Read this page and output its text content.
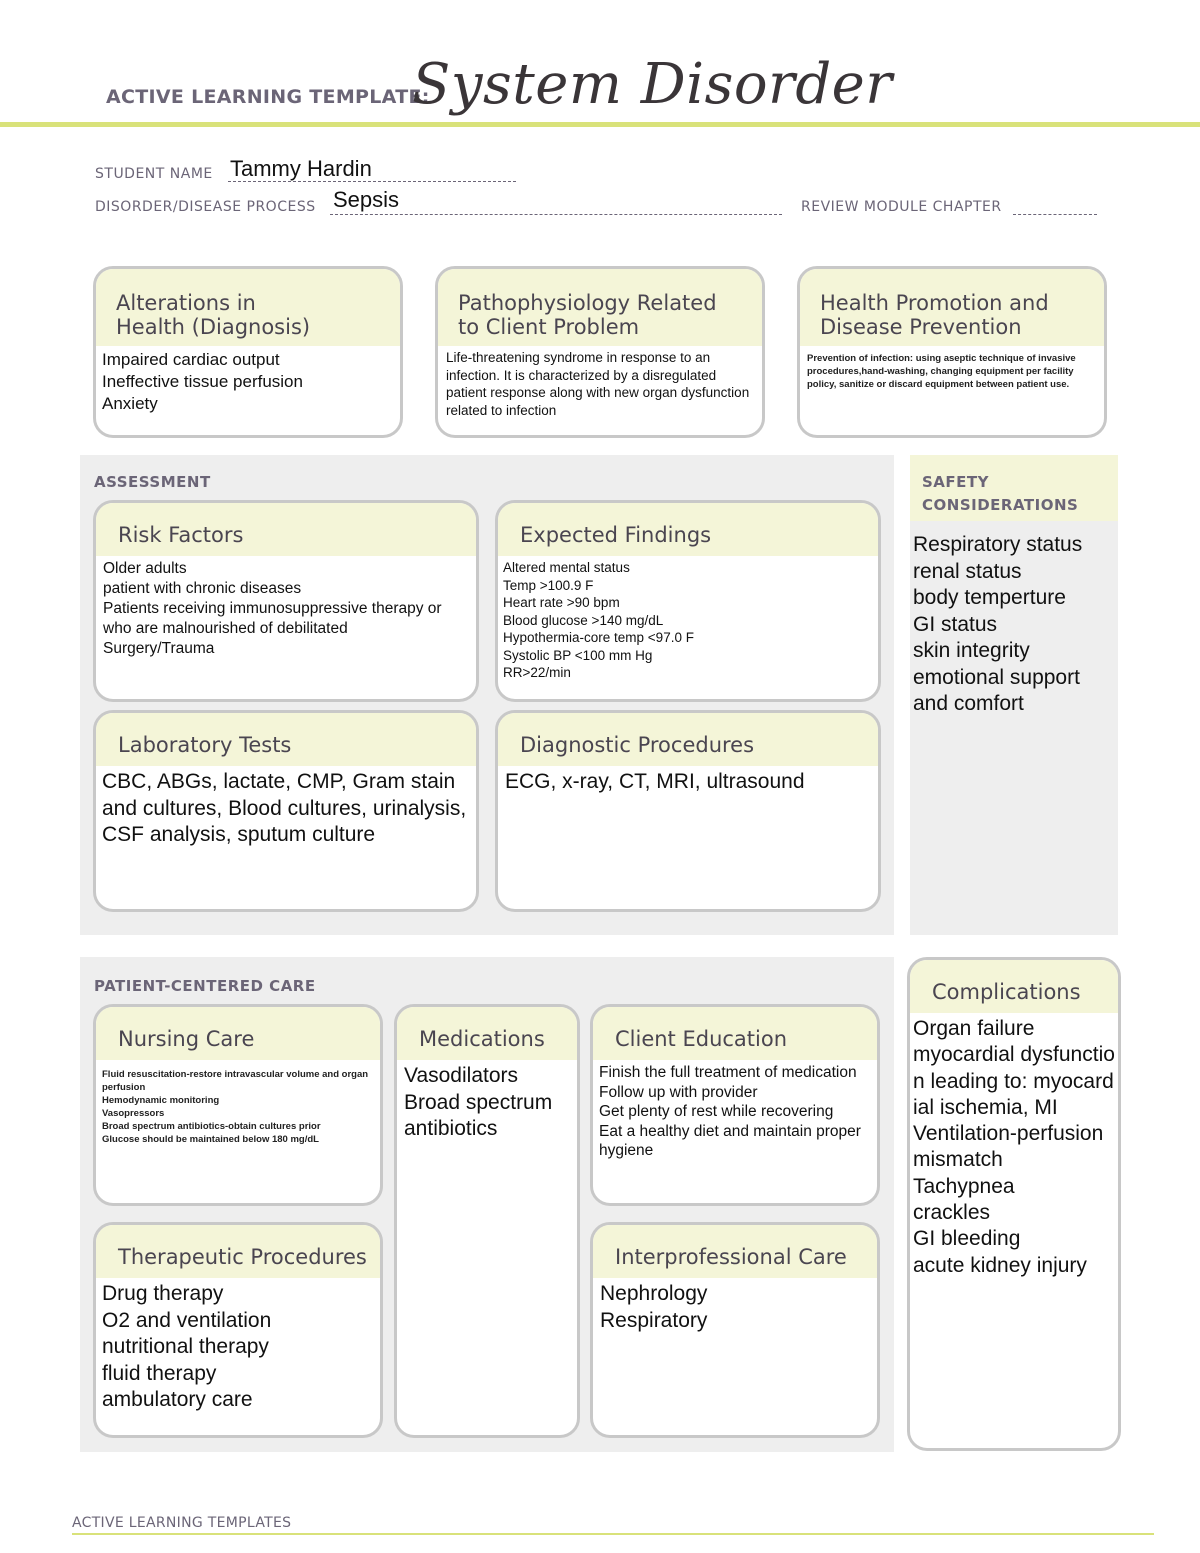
ACTIVE LEARNING TEMPLATE:
System Disorder
STUDENT NAME Tammy Hardin
DISORDER/DISEASE PROCESS Sepsis	REVIEW MODULE CHAPTER
Alterations in
Health (Diagnosis)
Impaired cardiac output
Ineffective tissue perfusion
Anxiety
Pathophysiology Related
to Client Problem
Life-threatening syndrome in response to an infection. It is characterized by a disregulated patient response along with new organ dysfunction related to infection
Health Promotion and
Disease Prevention
Prevention of infection: using aseptic technique of invasive procedures,hand-washing, changing equipment per facility policy, sanitize or discard equipment between patient use.
ASSESSMENT
Risk Factors
Older adults
patient with chronic diseases
Patients receiving immunosuppressive therapy or who are malnourished of debilitated
Surgery/Trauma
Expected Findings
Altered mental status
Temp >100.9 F
Heart rate >90 bpm
Blood glucose >140 mg/dL
Hypothermia-core temp <97.0 F
Systolic BP <100 mm Hg
RR>22/min
Laboratory Tests
CBC, ABGs, lactate, CMP, Gram stain and cultures, Blood cultures, urinalysis, CSF analysis, sputum culture
Diagnostic Procedures
ECG, x-ray, CT, MRI, ultrasound
SAFETY
CONSIDERATIONS
Respiratory status
renal status
body temperture
GI status
skin integrity
emotional support and comfort
PATIENT-CENTERED CARE
Nursing Care
Fluid resuscitation-restore intravascular volume and organ perfusion
Hemodynamic monitoring
Vasopressors
Broad spectrum antibiotics-obtain cultures prior
Glucose should be maintained below 180 mg/dL
Medications
Vasodilators
Broad spectrum antibiotics
Client Education
Finish the full treatment of medication
Follow up with provider
Get plenty of rest while recovering
Eat a healthy diet and maintain proper hygiene
Therapeutic Procedures
Drug therapy
O2 and ventilation
nutritional therapy
fluid therapy
ambulatory care
Interprofessional Care
Nephrology
Respiratory
Complications
Organ failure
myocardial dysfunction leading to: myocardial ischemia, MI
Ventilation-perfusion mismatch
Tachypnea
crackles
GI bleeding
acute kidney injury
ACTIVE LEARNING TEMPLATES
